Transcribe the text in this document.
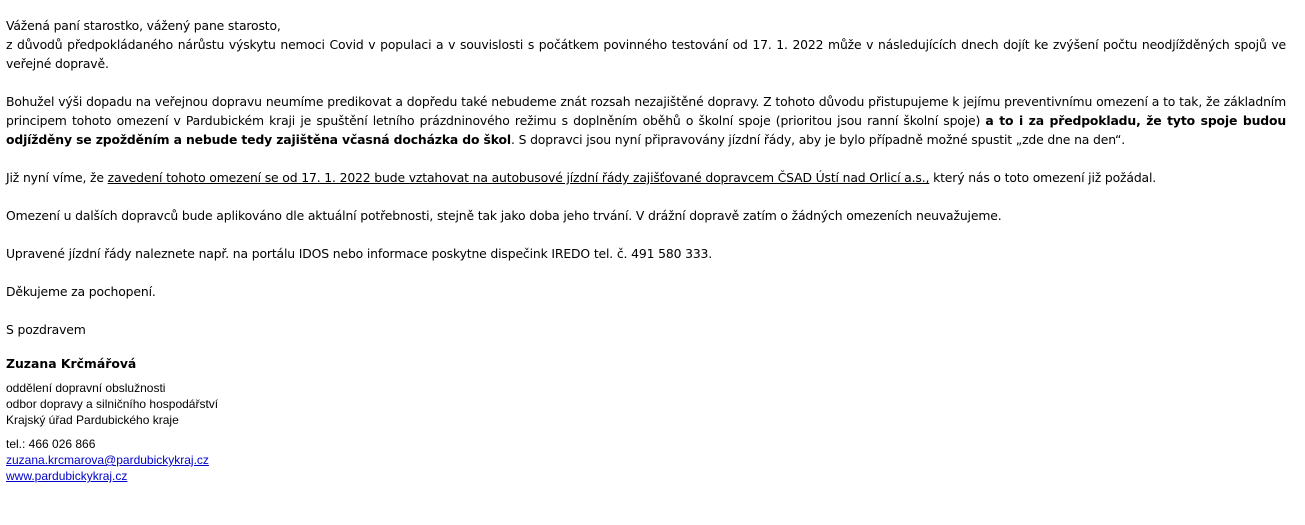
Vážená paní starostko, vážený pane starosto,

z důvodů předpokládaného nárůstu výskytu nemoci Covid v populaci a v souvislosti s počátkem povinného testování od 17. 1. 2022 může v následujících dnech dojít ke zvýšení počtu neodjížděných spojů ve veřejné dopravě.

Bohužel výši dopadu na veřejnou dopravu neumíme predikovat a dopředu také nebudeme znát rozsah nezajištěné dopravy. Z tohoto důvodu přistupujeme k jejímu preventivnímu omezení a to tak, že základním principem tohoto omezení v Pardubickém kraji je spuštění letního prázdninového režimu s doplněním oběhů o školní spoje (prioritou jsou ranní školní spoje) a to i za předpokladu, že tyto spoje budou odjížděny se zpožděním a nebude tedy zajištěna včasná docházka do škol. S dopravci jsou nyní připravovány jízdní řády, aby je bylo případně možné spustit „zde dne na den“.

Již nyní víme, že zavedení tohoto omezení se od 17. 1. 2022 bude vztahovat na autobusové jízdní řády zajišťované dopravcem ČSAD Ústí nad Orlicí a.s., který nás o toto omezení již požádal.

Omezení u dalších dopravců bude aplikováno dle aktuální potřebnosti, stejně tak jako doba jeho trvání. V drážní dopravě zatím o žádných omezeních neuvažujeme.

Upravené jízdní řády naleznete např. na portálu IDOS nebo informace poskytne dispečink IREDO tel. č. 491 580 333.

Děkujeme za pochopení.

S pozdravem

Zuzana Krčmářová
oddělení dopravní obslužnosti
odbor dopravy a silničního hospodářství
Krajský úřad Pardubického kraje
tel.: 466 026 866
zuzana.krcmarova@pardubickykraj.cz
www.pardubickykraj.cz
